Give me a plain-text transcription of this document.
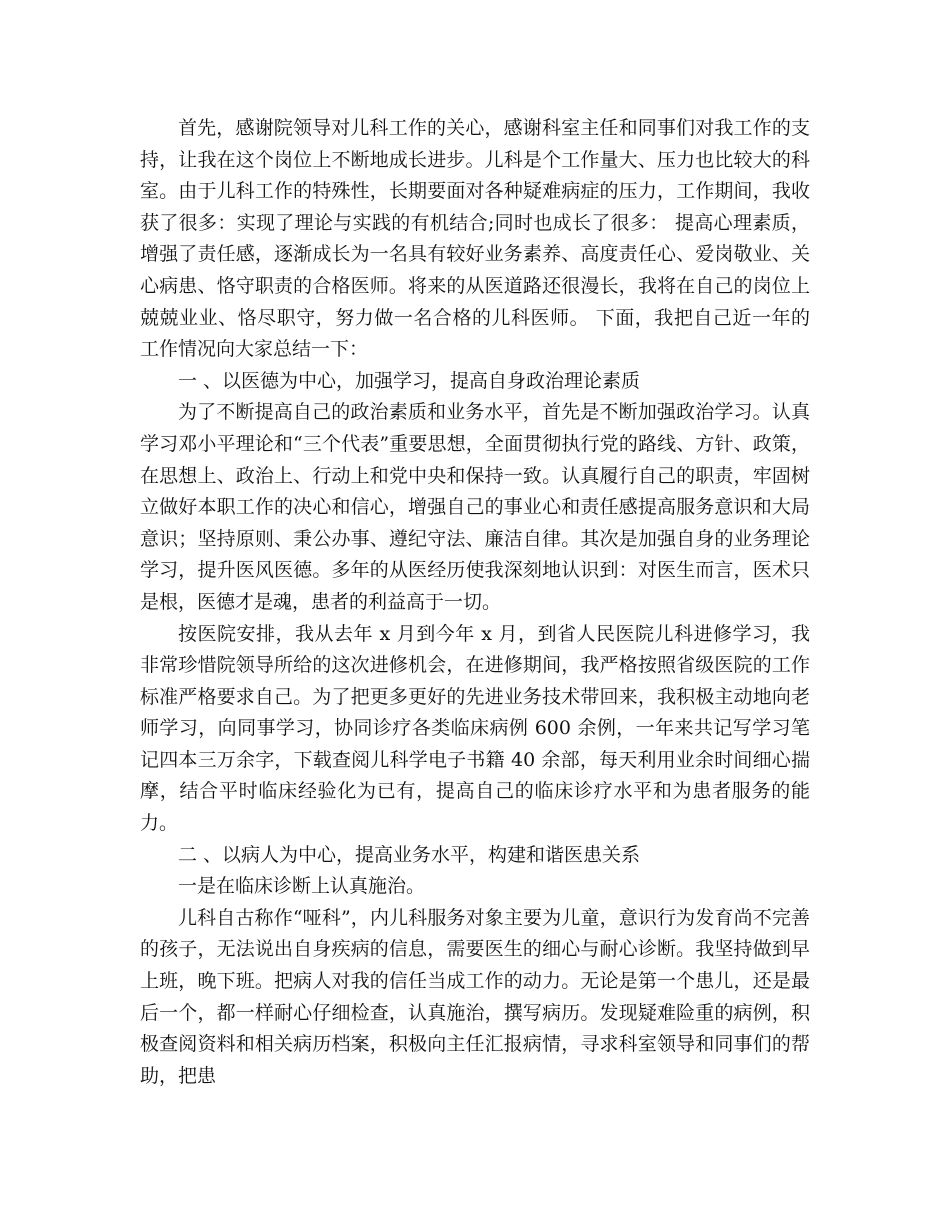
首先，感谢院领导对儿科工作的关心，感谢科室主任和同事们对我工作的支持，让我在这个岗位上不断地成长进步。儿科是个工作量大、压力也比较大的科室。由于儿科工作的特殊性，长期要面对各种疑难病症的压力，工作期间，我收获了很多：实现了理论与实践的有机结合;同时也成长了很多： 提高心理素质，增强了责任感，逐渐成长为一名具有较好业务素养、高度责任心、爱岗敬业、关心病患、恪守职责的合格医师。将来的从医道路还很漫长，我将在自己的岗位上兢兢业业、恪尽职守，努力做一名合格的儿科医师。 下面，我把自己近一年的工作情况向大家总结一下：

一 、以医德为中心，加强学习，提高自身政治理论素质

为了不断提高自己的政治素质和业务水平，首先是不断加强政治学习。认真学习邓小平理论和“三个代表”重要思想，全面贯彻执行党的路线、方针、政策，在思想上、政治上、行动上和党中央和保持一致。认真履行自己的职责，牢固树立做好本职工作的决心和信心，增强自己的事业心和责任感提高服务意识和大局意识；坚持原则、秉公办事、遵纪守法、廉洁自律。其次是加强自身的业务理论学习，提升医风医德。多年的从医经历使我深刻地认识到：对医生而言，医术只是根，医德才是魂，患者的利益高于一切。

按医院安排，我从去年 x 月到今年 x 月，到省人民医院儿科进修学习，我非常珍惜院领导所给的这次进修机会，在进修期间，我严格按照省级医院的工作标准严格要求自己。为了把更多更好的先进业务技术带回来，我积极主动地向老师学习，向同事学习，协同诊疗各类临床病例 600 余例，一年来共记写学习笔记四本三万余字，下载查阅儿科学电子书籍 40 余部，每天利用业余时间细心揣摩，结合平时临床经验化为已有，提高自己的临床诊疗水平和为患者服务的能力。

二 、以病人为中心，提高业务水平，构建和谐医患关系

一是在临床诊断上认真施治。

儿科自古称作“哑科”，内儿科服务对象主要为儿童，意识行为发育尚不完善的孩子，无法说出自身疾病的信息，需要医生的细心与耐心诊断。我坚持做到早上班，晚下班。把病人对我的信任当成工作的动力。无论是第一个患儿，还是最后一个，都一样耐心仔细检查，认真施治，撰写病历。发现疑难险重的病例，积极查阅资料和相关病历档案，积极向主任汇报病情，寻求科室领导和同事们的帮助，把患
